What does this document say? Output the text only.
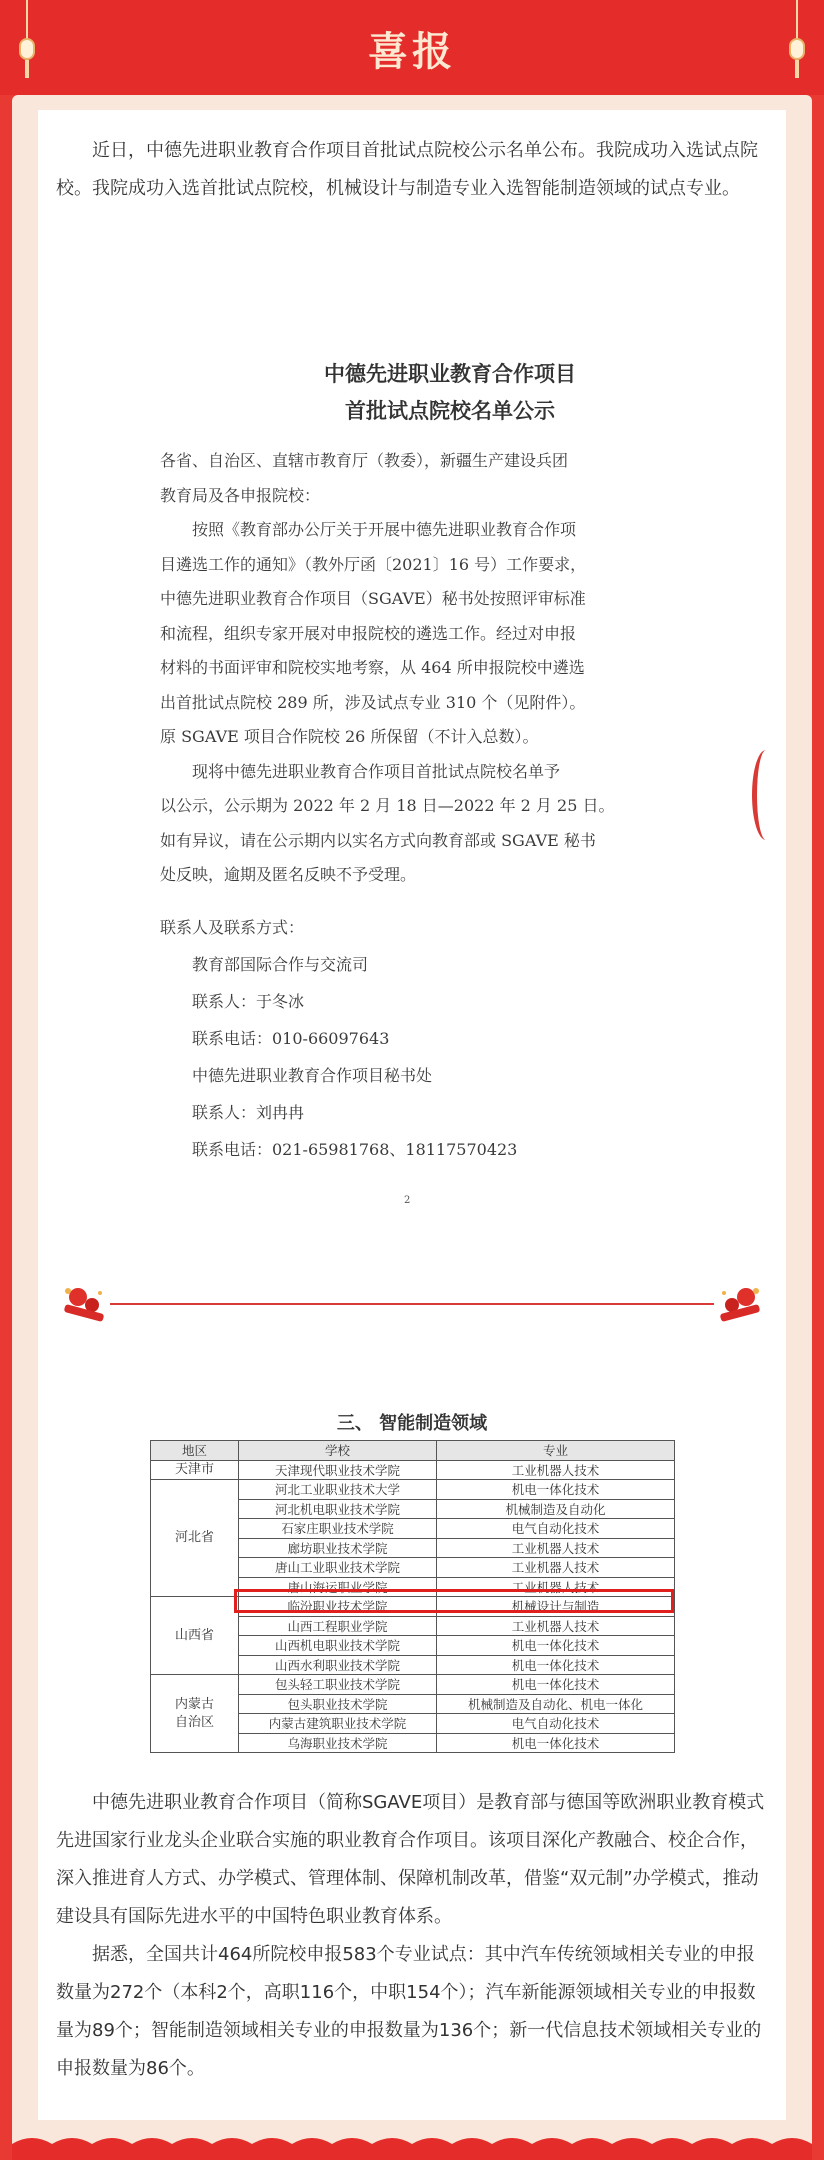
喜报

近日，中德先进职业教育合作项目首批试点院校公示名单公布。我院成功入选试点院校。我院成功入选首批试点院校，机械设计与制造专业入选智能制造领域的试点专业。

中德先进职业教育合作项目
首批试点院校名单公示
各省、自治区、直辖市教育厅（教委），新疆生产建设兵团
教育局及各申报院校：
　　按照《教育部办公厅关于开展中德先进职业教育合作项
目遴选工作的通知》（教外厅函〔2021〕16 号）工作要求，
中德先进职业教育合作项目（SGAVE）秘书处按照评审标准
和流程，组织专家开展对申报院校的遴选工作。经过对申报
材料的书面评审和院校实地考察，从 464 所申报院校中遴选
出首批试点院校 289 所，涉及试点专业 310 个（见附件）。
原 SGAVE 项目合作院校 26 所保留（不计入总数）。
　　现将中德先进职业教育合作项目首批试点院校名单予
以公示，公示期为 2022 年 2 月 18 日—2022 年 2 月 25 日。
如有异议，请在公示期内以实名方式向教育部或 SGAVE 秘书
处反映，逾期及匿名反映不予受理。
联系人及联系方式：
教育部国际合作与交流司
联系人：于冬冰
联系电话：010-66097643
中德先进职业教育合作项目秘书处
联系人：刘冉冉
联系电话：021-65981768、18117570423
2
三、 智能制造领域
地区	学校	专业
天津市	天津现代职业技术学院	工业机器人技术
河北省	河北工业职业技术大学	机电一体化技术
	河北机电职业技术学院	机械制造及自动化
	石家庄职业技术学院	电气自动化技术
	廊坊职业技术学院	工业机器人技术
	唐山工业职业技术学院	工业机器人技术
	唐山海运职业学院	工业机器人技术
山西省	临汾职业技术学院	机械设计与制造
	山西工程职业学院	工业机器人技术
	山西机电职业技术学院	机电一体化技术
	山西水利职业技术学院	机电一体化技术

内蒙古
自治区	包头轻工职业技术学院	机电一体化技术
	包头职业技术学院	机械制造及自动化、机电一体化
	内蒙古建筑职业技术学院	电气自动化技术
	乌海职业技术学院	机电一体化技术

中德先进职业教育合作项目（简称SGAVE项目）是教育部与德国等欧洲职业教育模式先进国家行业龙头企业联合实施的职业教育合作项目。该项目深化产教融合、校企合作，深入推进育人方式、办学模式、管理体制、保障机制改革，借鉴“双元制”办学模式，推动建设具有国际先进水平的中国特色职业教育体系。

据悉，全国共计464所院校申报583个专业试点：其中汽车传统领域相关专业的申报数量为272个（本科2个，高职116个，中职154个）；汽车新能源领域相关专业的申报数量为89个；智能制造领域相关专业的申报数量为136个；新一代信息技术领域相关专业的申报数量为86个。
